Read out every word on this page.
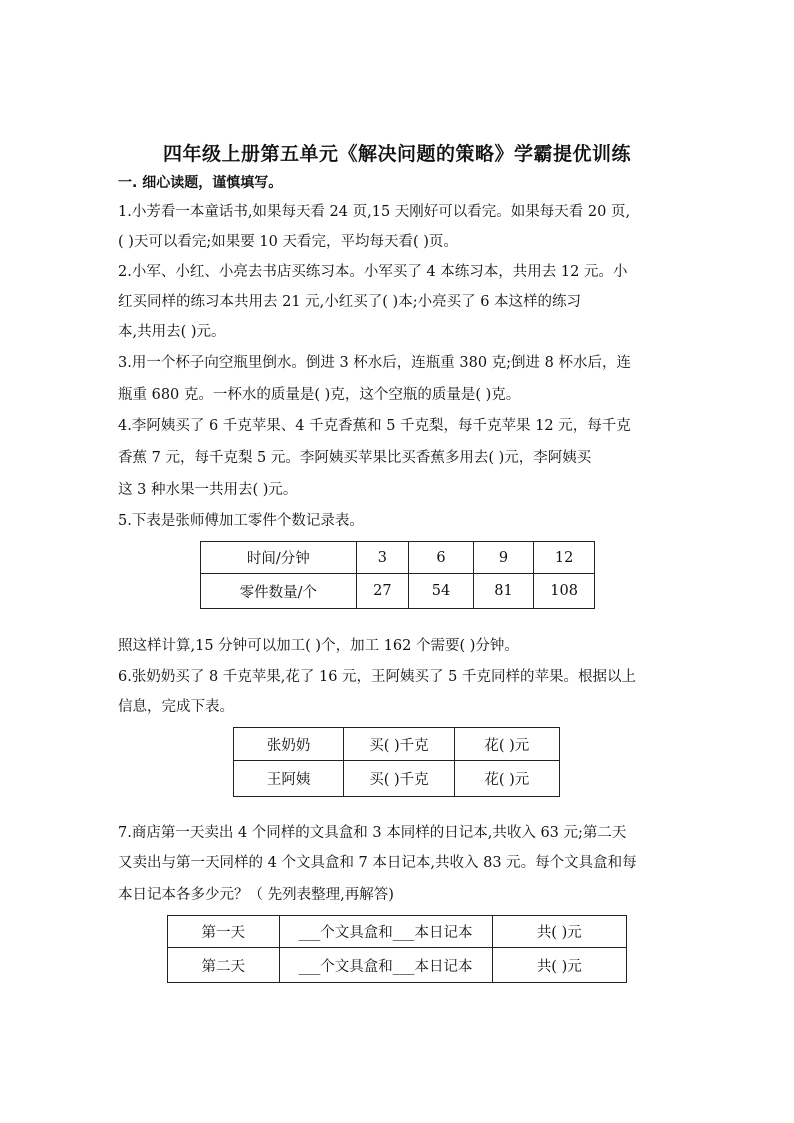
四年级上册第五单元《解决问题的策略》学霸提优训练
一. 细心读题，谨慎填写。
1.小芳看一本童话书,如果每天看 24 页,15 天刚好可以看完。如果每天看 20 页,
( )天可以看完;如果要 10 天看完，平均每天看( )页。
2.小军、小红、小亮去书店买练习本。小军买了 4 本练习本，共用去 12 元。小
红买同样的练习本共用去 21 元,小红买了( )本;小亮买了 6 本这样的练习
本,共用去( )元。
3.用一个杯子向空瓶里倒水。倒进 3 杯水后，连瓶重 380 克;倒进 8 杯水后，连
瓶重 680 克。一杯水的质量是( )克，这个空瓶的质量是( )克。
4.李阿姨买了 6 千克苹果、4 千克香蕉和 5 千克梨，每千克苹果 12 元，每千克
香蕉 7 元，每千克梨 5 元。李阿姨买苹果比买香蕉多用去( )元，李阿姨买
这 3 种水果一共用去( )元。
5.下表是张师傅加工零件个数记录表。
时间/分钟	3	6	9	12
零件数量/个	27	54	81	108
照这样计算,15 分钟可以加工( )个，加工 162 个需要( )分钟。
6.张奶奶买了 8 千克苹果,花了 16 元，王阿姨买了 5 千克同样的苹果。根据以上
信息，完成下表。
张奶奶	买( )千克	花( )元
王阿姨	买( )千克	花( )元
7.商店第一天卖出 4 个同样的文具盒和 3 本同样的日记本,共收入 63 元;第二天
又卖出与第一天同样的 4 个文具盒和 7 本日记本,共收入 83 元。每个文具盒和每
本日记本各多少元？（ 先列表整理,再解答)
第一天	___个文具盒和___本日记本	共( )元
第二天	___个文具盒和___本日记本	共( )元
